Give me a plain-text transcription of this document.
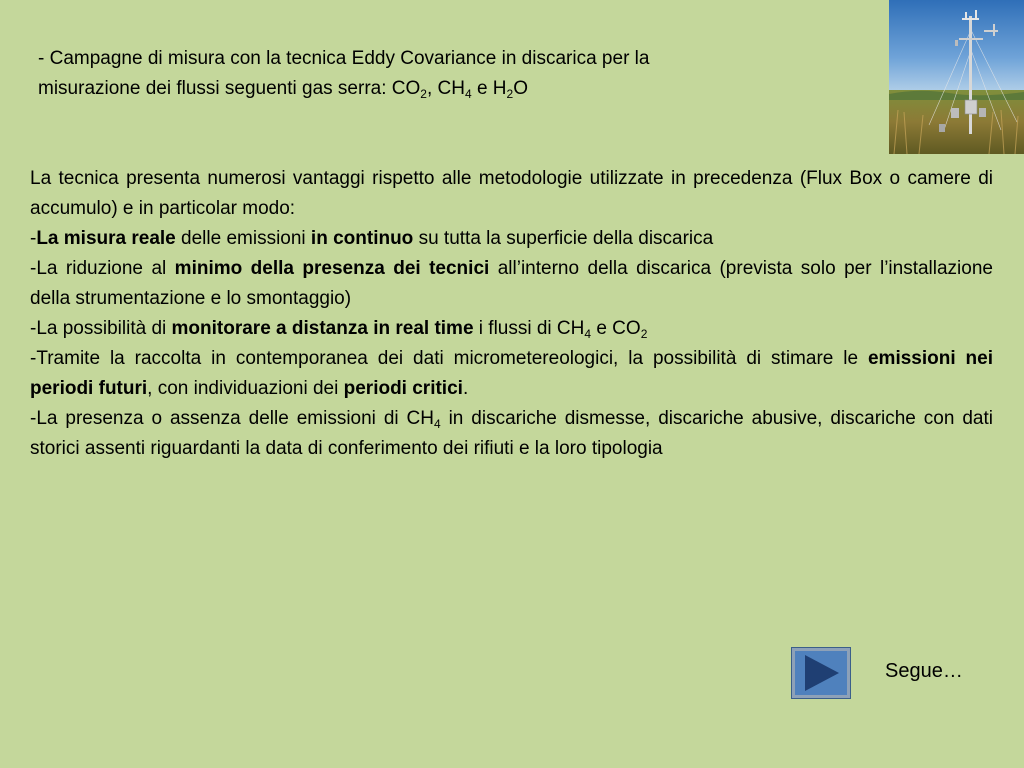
- Campagne di misura con la tecnica Eddy Covariance in discarica per la
misurazione dei flussi seguenti gas serra: $CO_2$, $CH_4$ e $H_2O$

La tecnica presenta numerosi vantaggi rispetto alle metodologie utilizzate in precedenza (Flux Box o camere di accumulo) e in particolar modo:

-La misura reale delle emissioni in continuo su tutta la superficie della discarica

-La riduzione al minimo della presenza dei tecnici all’interno della discarica (prevista solo per l’installazione della strumentazione e lo smontaggio)

-La possibilità di monitorare a distanza in real time i flussi di $CH_4$ e $CO_2$

-Tramite la raccolta in contemporanea dei dati micrometereologici, la possibilità di stimare le emissioni nei periodi futuri, con individuazioni dei periodi critici.

-La presenza o assenza delle emissioni di $CH_4$ in discariche dismesse, discariche abusive, discariche con dati storici assenti riguardanti la data di conferimento dei rifiuti e la loro tipologia

Segue…
